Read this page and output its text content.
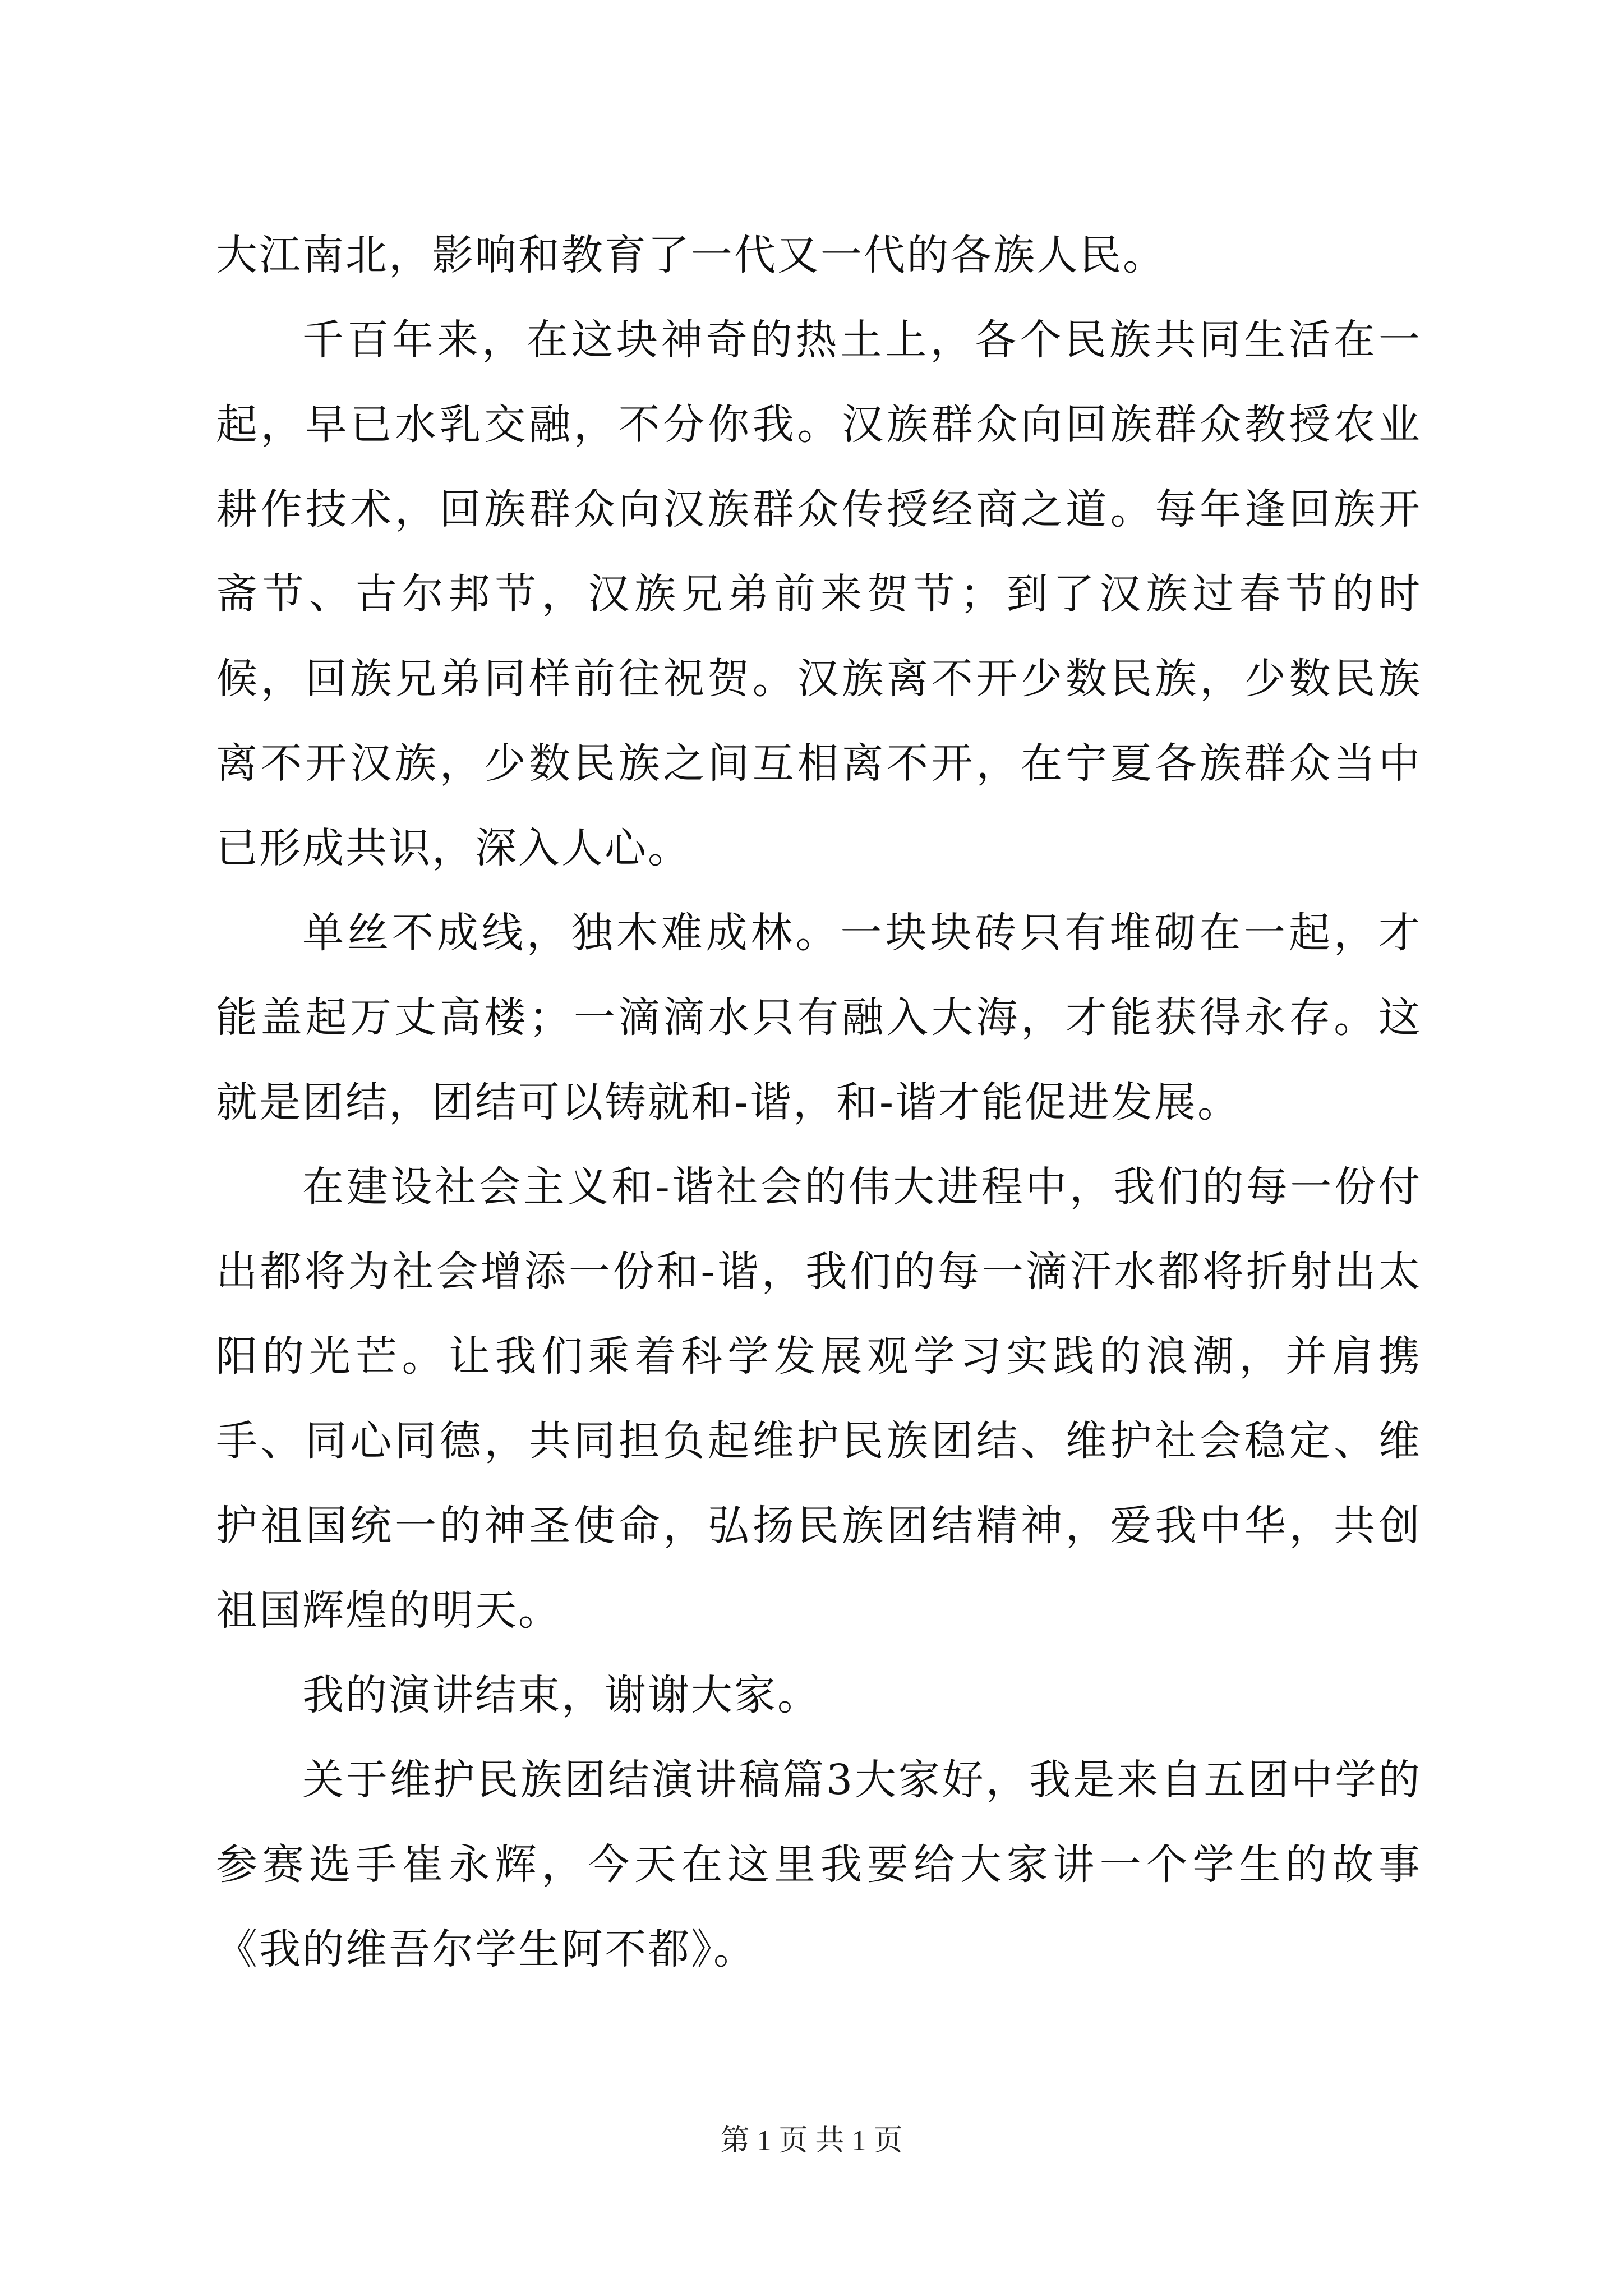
大江南北，影响和教育了一代又一代的各族人民。

千百年来，在这块神奇的热土上，各个民族共同生活在一起，早已水乳交融，不分你我。汉族群众向回族群众教授农业耕作技术，回族群众向汉族群众传授经商之道。每年逢回族开斋节、古尔邦节，汉族兄弟前来贺节；到了汉族过春节的时候，回族兄弟同样前往祝贺。汉族离不开少数民族，少数民族离不开汉族，少数民族之间互相离不开，在宁夏各族群众当中已形成共识，深入人心。

单丝不成线，独木难成林。一块块砖只有堆砌在一起，才能盖起万丈高楼；一滴滴水只有融入大海，才能获得永存。这就是团结，团结可以铸就和-谐，和-谐才能促进发展。

在建设社会主义和-谐社会的伟大进程中，我们的每一份付出都将为社会增添一份和-谐，我们的每一滴汗水都将折射出太阳的光芒。让我们乘着科学发展观学习实践的浪潮，并肩携手、同心同德，共同担负起维护民族团结、维护社会稳定、维护祖国统一的神圣使命，弘扬民族团结精神，爱我中华，共创祖国辉煌的明天。

我的演讲结束，谢谢大家。

关于维护民族团结演讲稿篇3大家好，我是来自五团中学的参赛选手崔永辉，今天在这里我要给大家讲一个学生的故事《我的维吾尔学生阿不都》。

第 1 页 共 1 页
